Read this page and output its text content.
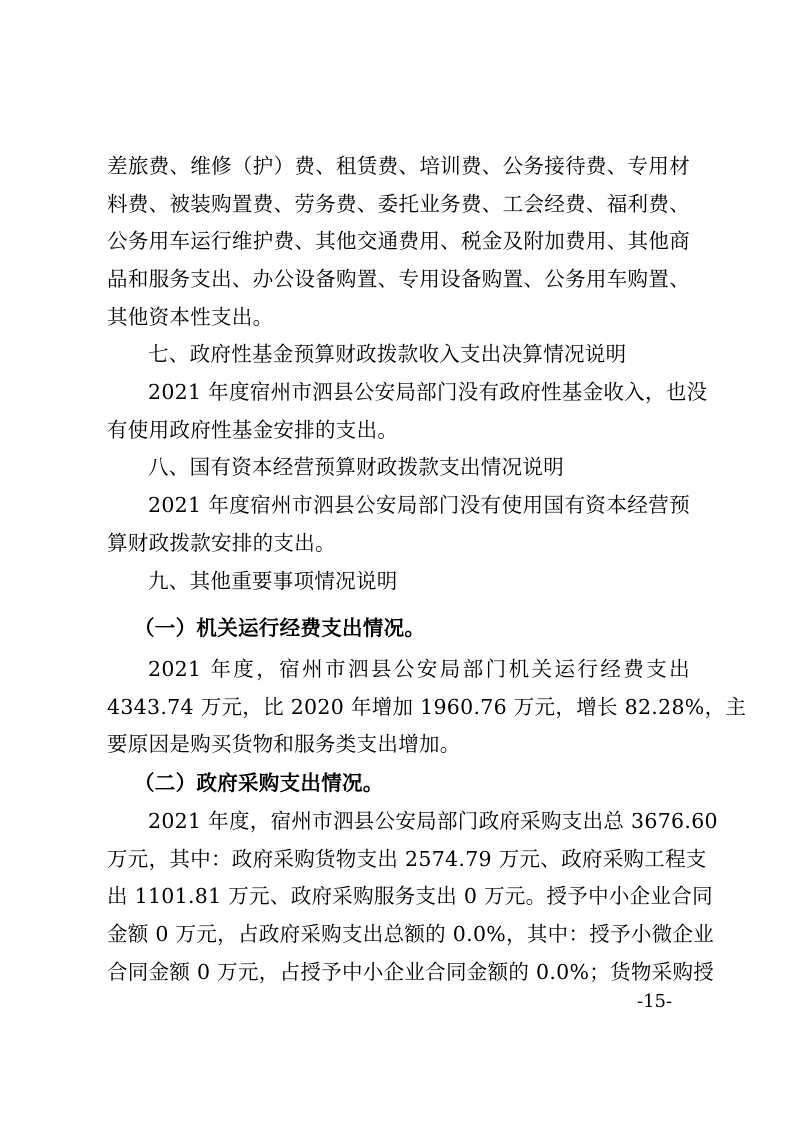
差旅费、维修（护）费、租赁费、培训费、公务接待费、专用材
料费、被装购置费、劳务费、委托业务费、工会经费、福利费、
公务用车运行维护费、其他交通费用、税金及附加费用、其他商
品和服务支出、办公设备购置、专用设备购置、公务用车购置、
其他资本性支出。
七、政府性基金预算财政拨款收入支出决算情况说明
2021 年度宿州市泗县公安局部门没有政府性基金收入，也没
有使用政府性基金安排的支出。
八、国有资本经营预算财政拨款支出情况说明
2021 年度宿州市泗县公安局部门没有使用国有资本经营预
算财政拨款安排的支出。
九、其他重要事项情况说明
（一）机关运行经费支出情况。
2021 年度，宿州市泗县公安局部门机关运行经费支出
4343.74 万元，比 2020 年增加 1960.76 万元，增长 82.28%，主
要原因是购买货物和服务类支出增加。
（二）政府采购支出情况。
2021 年度，宿州市泗县公安局部门政府采购支出总 3676.60
万元，其中：政府采购货物支出 2574.79 万元、政府采购工程支
出 1101.81 万元、政府采购服务支出 0 万元。授予中小企业合同
金额 0 万元，占政府采购支出总额的 0.0%，其中：授予小微企业
合同金额 0 万元，占授予中小企业合同金额的 0.0%；货物采购授
-15-
